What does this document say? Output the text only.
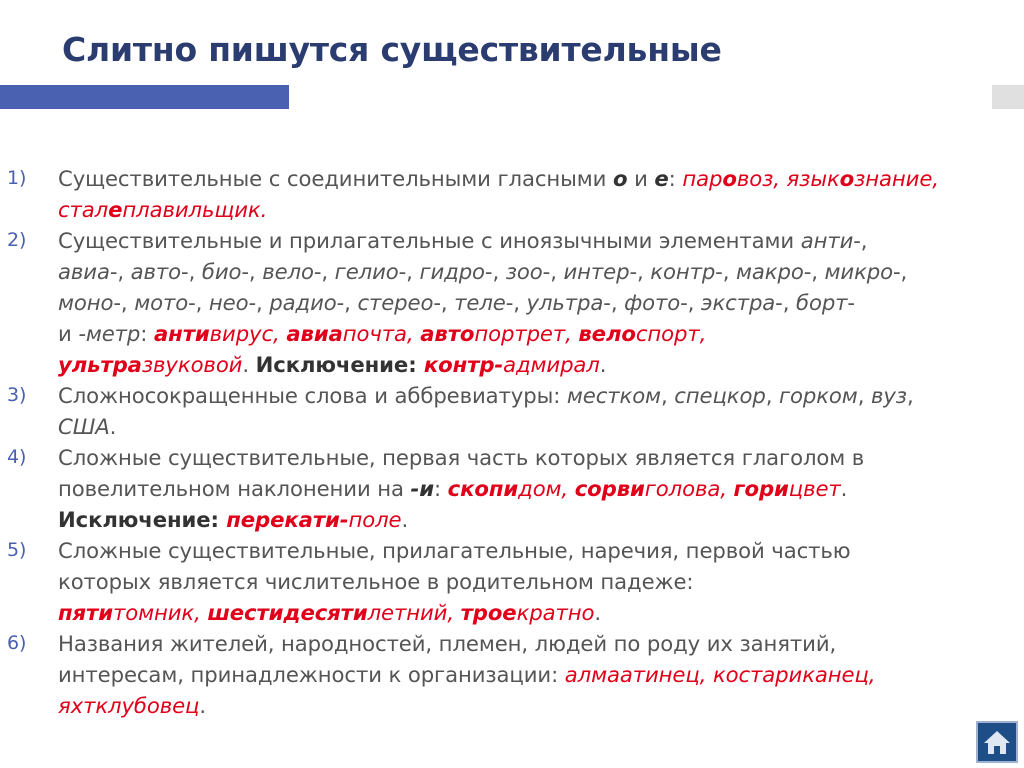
Слитно пишутся существительные
1) Существительные с соединительными гласными о и е: паровоз, языкознание,
сталеплавильщик.
2) Существительные и прилагательные с иноязычными элементами анти-,
авиа-, авто-, био-, вело-, гелио-, гидро-, зоо-, интер-, контр-, макро-, микро-,
моно-, мото-, нео-, радио-, стерео-, теле-, ультра-, фото-, экстра-, борт-
и -метр: антивирус, авиапочта, автопортрет, велоспорт,
ультразвуковой. Исключение: контр-адмирал.
3) Сложносокращенные слова и аббревиатуры: местком, спецкор, горком, вуз,
США.
4) Сложные существительные, первая часть которых является глаголом в
повелительном наклонении на -и: скопидом, сорвиголова, горицвет.
Исключение: перекати-поле.
5) Сложные существительные, прилагательные, наречия, первой частью
которых является числительное в родительном падеже:
пятитомник, шестидесятилетний, троекратно.
6) Названия жителей, народностей, племен, людей по роду их занятий,
интересам, принадлежности к организации: алмаатинец, костариканец,
яхтклубовец.
